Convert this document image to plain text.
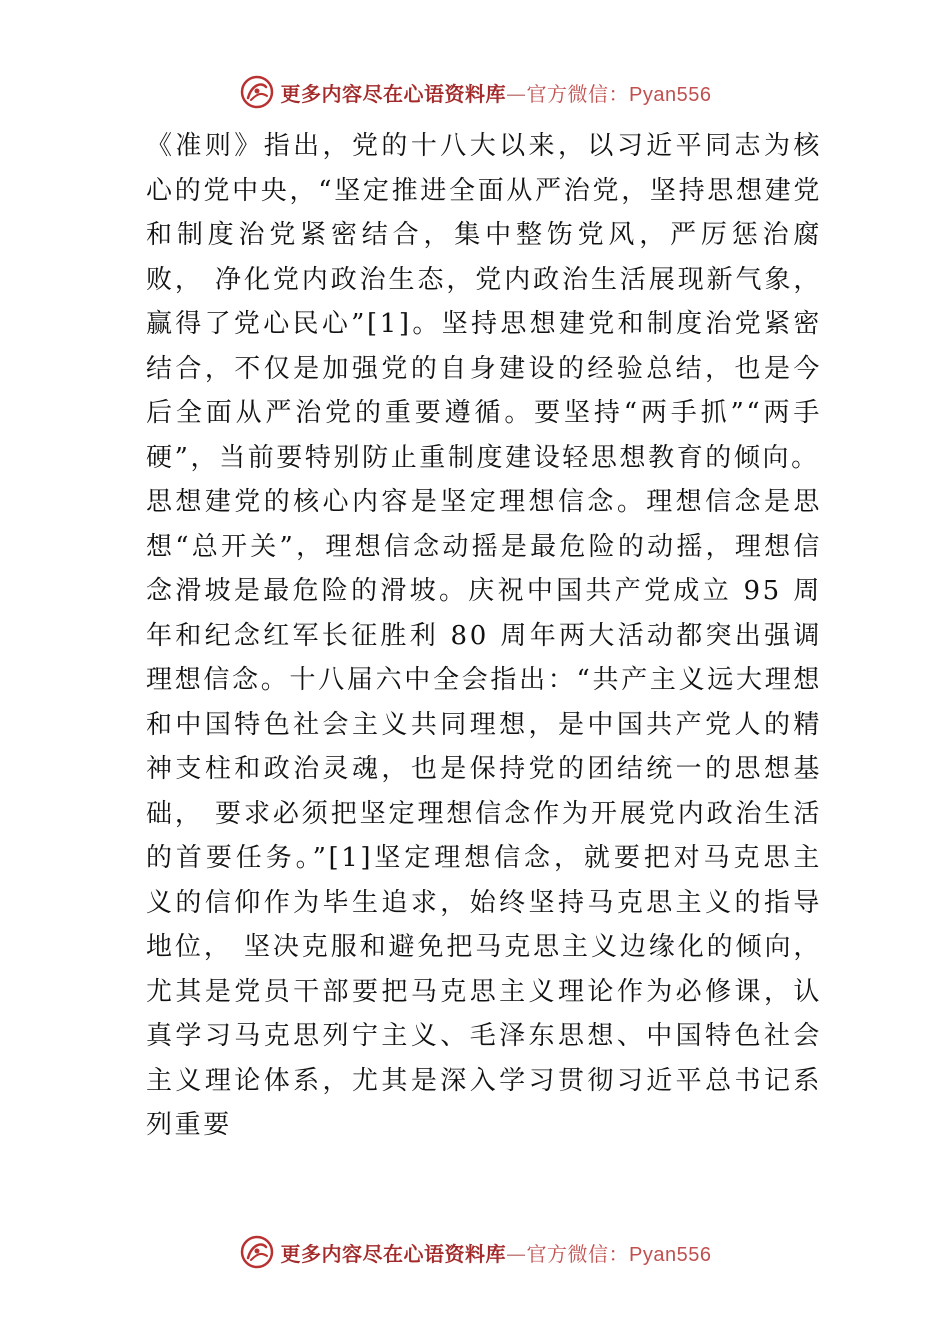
更多内容尽在心语资料库—官方微信：Pyan556

《准则》指出，党的十八大以来，以习近平同志为核心的党中央，“坚定推进全面从严治党，坚持思想建党和制度治党紧密结合，集中整饬党风，严厉惩治腐败， 净化党内政治生态，党内政治生活展现新气象，赢得了党心民心”[1]。坚持思想建党和制度治党紧密结合，不仅是加强党的自身建设的经验总结，也是今后全面从严治党的重要遵循。要坚持“两手抓”“两手硬”，当前要特别防止重制度建设轻思想教育的倾向。

思想建党的核心内容是坚定理想信念。理想信念是思想“总开关”，理想信念动摇是最危险的动摇，理想信念滑坡是最危险的滑坡。庆祝中国共产党成立 95 周年和纪念红军长征胜利 80 周年两大活动都突出强调理想信念。十八届六中全会指出：“共产主义远大理想和中国特色社会主义共同理想，是中国共产党人的精神支柱和政治灵魂，也是保持党的团结统一的思想基础， 要求必须把坚定理想信念作为开展党内政治生活的首要任务。”[1]坚定理想信念，就要把对马克思主义的信仰作为毕生追求，始终坚持马克思主义的指导地位， 坚决克服和避免把马克思主义边缘化的倾向，尤其是党员干部要把马克思主义理论作为必修课，认真学习马克思列宁主义、毛泽东思想、中国特色社会主义理论体系，尤其是深入学习贯彻习近平总书记系列重要

更多内容尽在心语资料库—官方微信：Pyan556
